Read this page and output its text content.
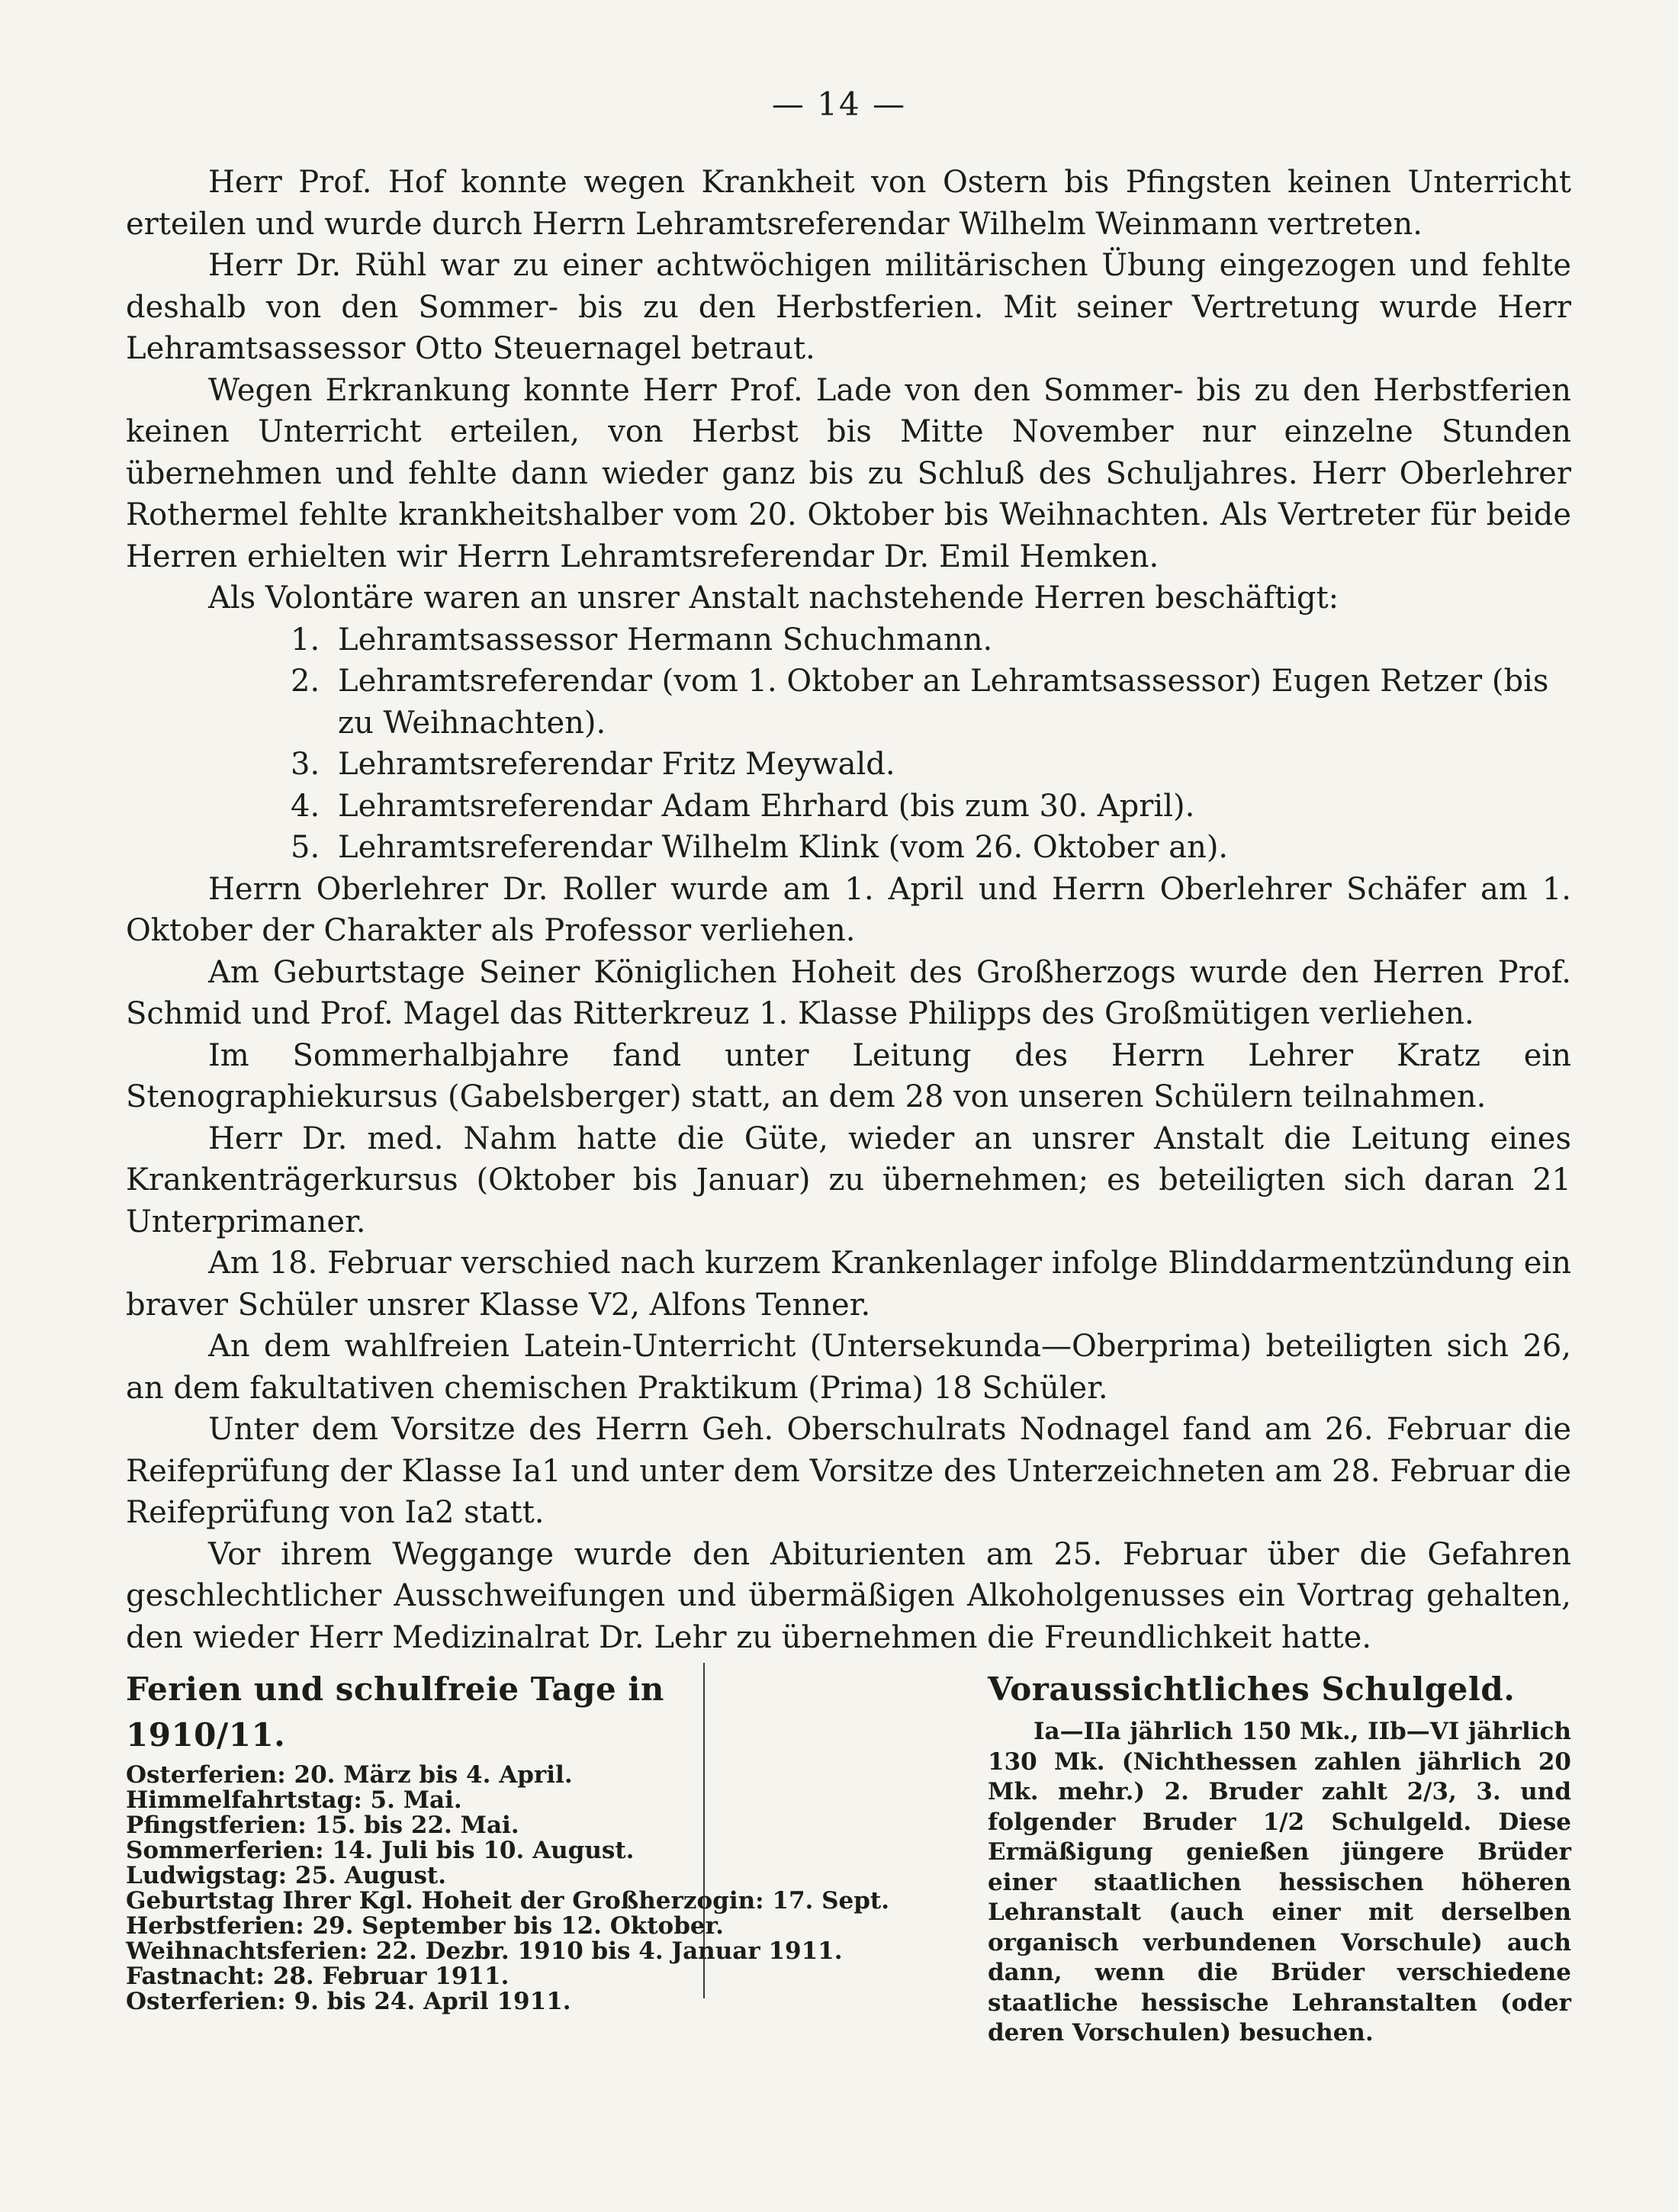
— 14 —

Herr Prof. Hof konnte wegen Krankheit von Ostern bis Pfingsten keinen Unterricht erteilen und wurde durch Herrn Lehramtsreferendar Wilhelm Weinmann vertreten.

Herr Dr. Rühl war zu einer achtwöchigen militärischen Übung eingezogen und fehlte deshalb von den Sommer- bis zu den Herbstferien. Mit seiner Vertretung wurde Herr Lehramtsassessor Otto Steuernagel betraut.

Wegen Erkrankung konnte Herr Prof. Lade von den Sommer- bis zu den Herbstferien keinen Unterricht erteilen, von Herbst bis Mitte November nur einzelne Stunden übernehmen und fehlte dann wieder ganz bis zu Schluß des Schuljahres. Herr Oberlehrer Rothermel fehlte krankheitshalber vom 20. Oktober bis Weihnachten. Als Vertreter für beide Herren erhielten wir Herrn Lehramtsreferendar Dr. Emil Hemken.

Als Volontäre waren an unsrer Anstalt nachstehende Herren beschäftigt:

1. Lehramtsassessor Hermann Schuchmann.
2. Lehramtsreferendar (vom 1. Oktober an Lehramtsassessor) Eugen Retzer (bis zu Weihnachten).
3. Lehramtsreferendar Fritz Meywald.
4. Lehramtsreferendar Adam Ehrhard (bis zum 30. April).
5. Lehramtsreferendar Wilhelm Klink (vom 26. Oktober an).

Herrn Oberlehrer Dr. Roller wurde am 1. April und Herrn Oberlehrer Schäfer am 1. Oktober der Charakter als Professor verliehen.

Am Geburtstage Seiner Königlichen Hoheit des Großherzogs wurde den Herren Prof. Schmid und Prof. Magel das Ritterkreuz 1. Klasse Philipps des Großmütigen verliehen.

Im Sommerhalbjahre fand unter Leitung des Herrn Lehrer Kratz ein Stenographiekursus (Gabelsberger) statt, an dem 28 von unseren Schülern teilnahmen.

Herr Dr. med. Nahm hatte die Güte, wieder an unsrer Anstalt die Leitung eines Krankenträgerkursus (Oktober bis Januar) zu übernehmen; es beteiligten sich daran 21 Unterprimaner.

Am 18. Februar verschied nach kurzem Krankenlager infolge Blinddarmentzündung ein braver Schüler unsrer Klasse V2, Alfons Tenner.

An dem wahlfreien Latein-Unterricht (Untersekunda—Oberprima) beteiligten sich 26, an dem fakultativen chemischen Praktikum (Prima) 18 Schüler.

Unter dem Vorsitze des Herrn Geh. Oberschulrats Nodnagel fand am 26. Februar die Reifeprüfung der Klasse Ia1 und unter dem Vorsitze des Unterzeichneten am 28. Februar die Reifeprüfung von Ia2 statt.

Vor ihrem Weggange wurde den Abiturienten am 25. Februar über die Gefahren geschlechtlicher Ausschweifungen und übermäßigen Alkoholgenusses ein Vortrag gehalten, den wieder Herr Medizinalrat Dr. Lehr zu übernehmen die Freundlichkeit hatte.

Ferien und schulfreie Tage in 1910/11.
Osterferien: 20. März bis 4. April.
Himmelfahrtstag: 5. Mai.
Pfingstferien: 15. bis 22. Mai.
Sommerferien: 14. Juli bis 10. August.
Ludwigstag: 25. August.
Geburtstag Ihrer Kgl. Hoheit der Großherzogin: 17. Sept.
Herbstferien: 29. September bis 12. Oktober.
Weihnachtsferien: 22. Dezbr. 1910 bis 4. Januar 1911.
Fastnacht: 28. Februar 1911.
Osterferien: 9. bis 24. April 1911.
Voraussichtliches Schulgeld.

Ia—IIa jährlich 150 Mk., IIb—VI jährlich 130 Mk. (Nichthessen zahlen jährlich 20 Mk. mehr.) 2. Bruder zahlt 2/3, 3. und folgender Bruder 1/2 Schulgeld. Diese Ermäßigung genießen jüngere Brüder einer staatlichen hessischen höheren Lehranstalt (auch einer mit derselben organisch verbundenen Vorschule) auch dann, wenn die Brüder verschiedene staatliche hessische Lehranstalten (oder deren Vorschulen) besuchen.
